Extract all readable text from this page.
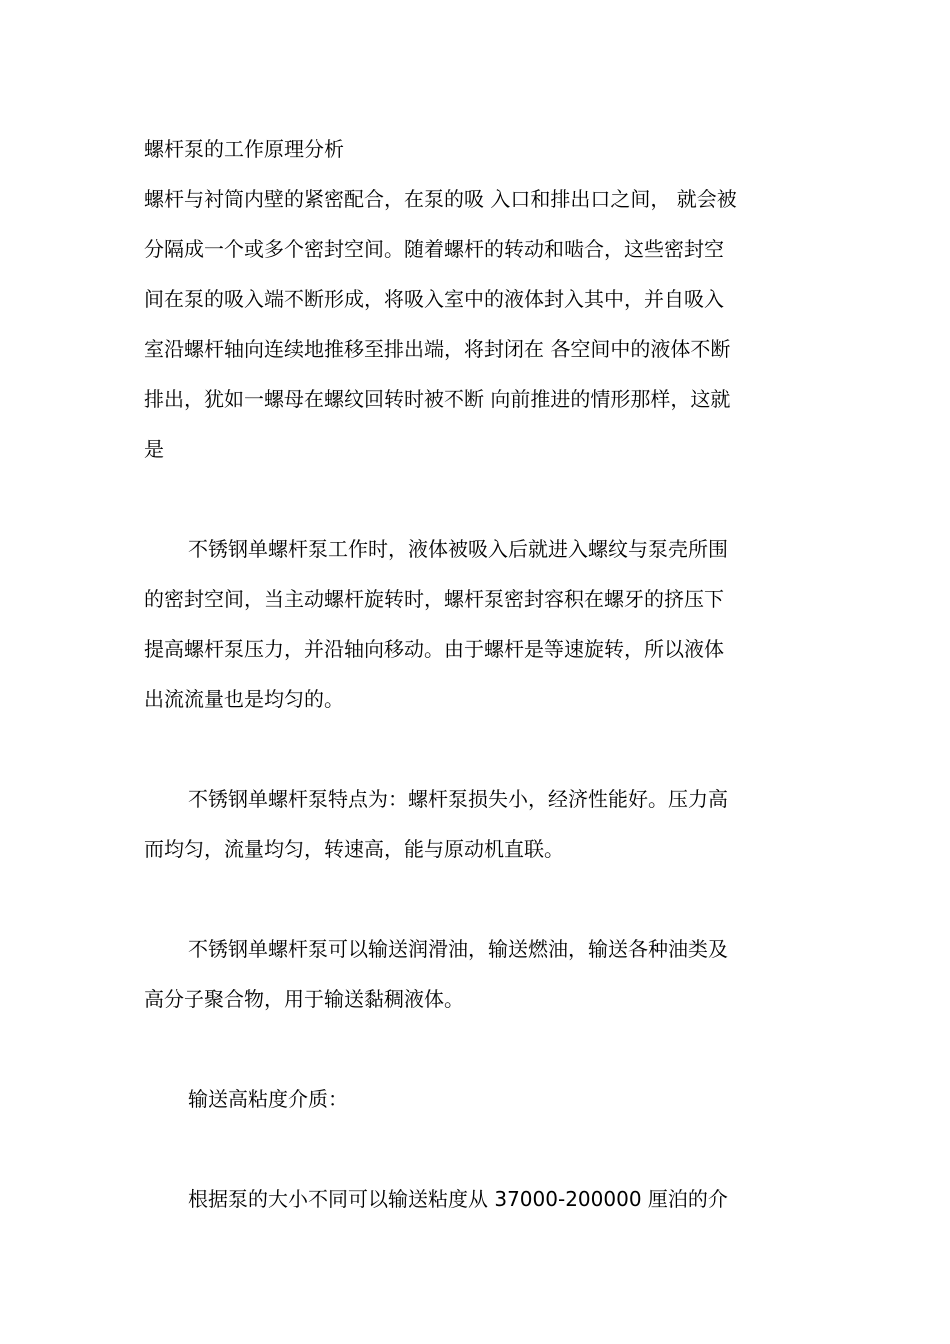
螺杆泵的工作原理分析
螺杆与衬筒内壁的紧密配合，在泵的吸 入口和排出口之间， 就会被
分隔成一个或多个密封空间。随着螺杆的转动和啮合，这些密封空
间在泵的吸入端不断形成，将吸入室中的液体封入其中，并自吸入
室沿螺杆轴向连续地推移至排出端，将封闭在 各空间中的液体不断
排出，犹如一螺母在螺纹回转时被不断 向前推进的情形那样，这就
是
不锈钢单螺杆泵工作时，液体被吸入后就进入螺纹与泵壳所围
的密封空间，当主动螺杆旋转时，螺杆泵密封容积在螺牙的挤压下
提高螺杆泵压力，并沿轴向移动。由于螺杆是等速旋转，所以液体
出流流量也是均匀的。
不锈钢单螺杆泵特点为：螺杆泵损失小，经济性能好。压力高
而均匀，流量均匀，转速高，能与原动机直联。
不锈钢单螺杆泵可以输送润滑油，输送燃油，输送各种油类及
高分子聚合物，用于输送黏稠液体。
输送高粘度介质：
根据泵的大小不同可以输送粘度从 37000-200000 厘泊的介
